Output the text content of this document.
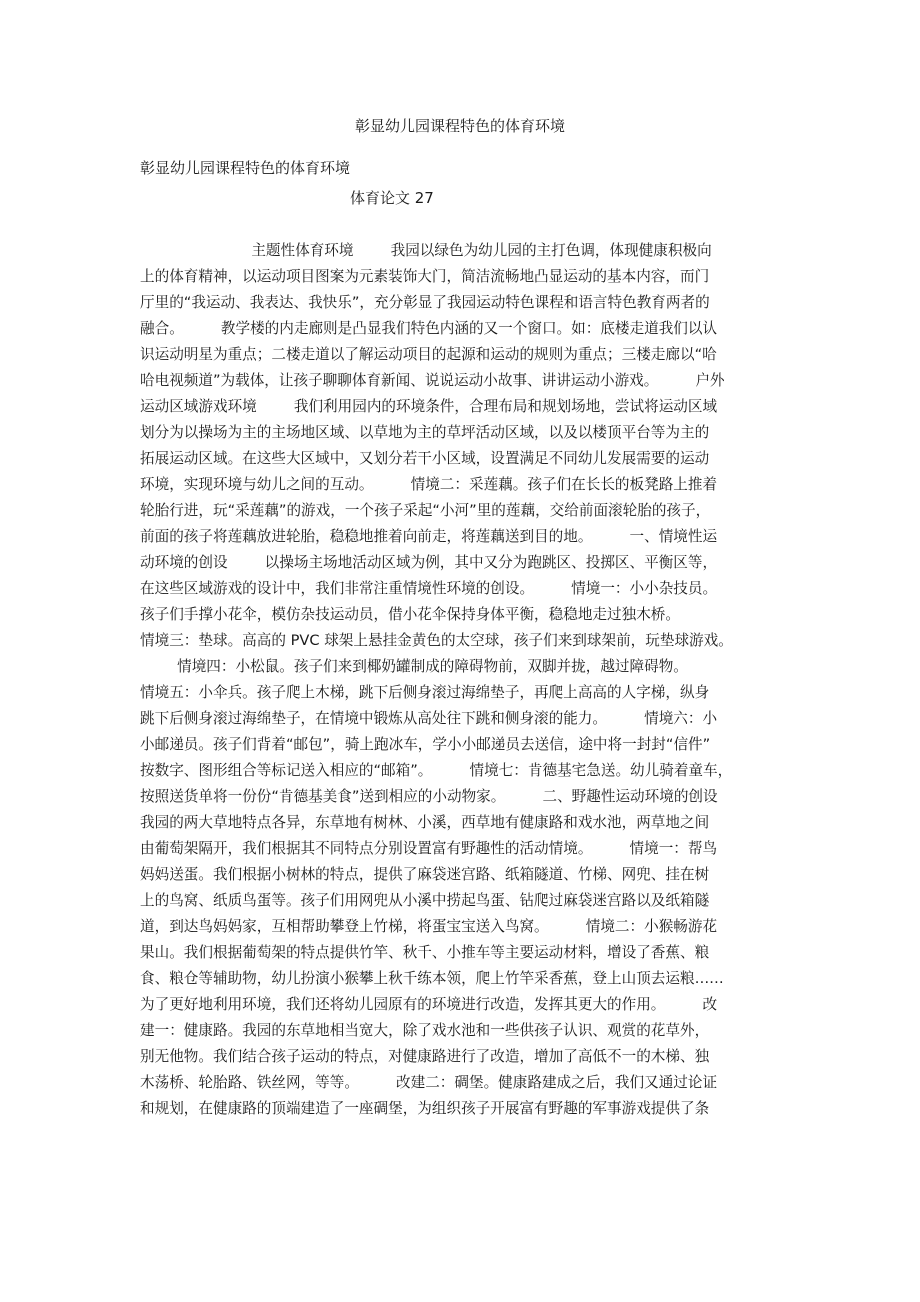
彰显幼儿园课程特色的体育环境

彰显幼儿园课程特色的体育环境

体育论文 27

主题性体育环境        我园以绿色为幼儿园的主打色调，体现健康积极向

上的体育精神，以运动项目图案为元素装饰大门，简洁流畅地凸显运动的基本内容，而门

厅里的“我运动、我表达、我快乐”，充分彰显了我园运动特色课程和语言特色教育两者的

融合。        教学楼的内走廊则是凸显我们特色内涵的又一个窗口。如：底楼走道我们以认

识运动明星为重点；二楼走道以了解运动项目的起源和运动的规则为重点；三楼走廊以“哈

哈电视频道”为载体，让孩子聊聊体育新闻、说说运动小故事、讲讲运动小游戏。        户外

运动区域游戏环境        我们利用园内的环境条件，合理布局和规划场地，尝试将运动区域

划分为以操场为主的主场地区域、以草地为主的草坪活动区域，以及以楼顶平台等为主的

拓展运动区域。在这些大区域中，又划分若干小区域，设置满足不同幼儿发展需要的运动

环境，实现环境与幼儿之间的互动。        情境二：采莲藕。孩子们在长长的板凳路上推着

轮胎行进，玩“采莲藕”的游戏，一个孩子采起“小河”里的莲藕，交给前面滚轮胎的孩子，

前面的孩子将莲藕放进轮胎，稳稳地推着向前走，将莲藕送到目的地。        一、情境性运

动环境的创设        以操场主场地活动区域为例，其中又分为跑跳区、投掷区、平衡区等，

在这些区域游戏的设计中，我们非常注重情境性环境的创设。        情境一：小小杂技员。

孩子们手撑小花伞，模仿杂技运动员，借小花伞保持身体平衡，稳稳地走过独木桥。

情境三：垫球。高高的 PVC 球架上悬挂金黄色的太空球，孩子们来到球架前，玩垫球游戏。

情境四：小松鼠。孩子们来到椰奶罐制成的障碍物前，双脚并拢，越过障碍物。

情境五：小伞兵。孩子爬上木梯，跳下后侧身滚过海绵垫子，再爬上高高的人字梯，纵身

跳下后侧身滚过海绵垫子，在情境中锻炼从高处往下跳和侧身滚的能力。        情境六：小

小邮递员。孩子们背着“邮包”，骑上跑冰车，学小小邮递员去送信，途中将一封封“信件”

按数字、图形组合等标记送入相应的“邮箱”。        情境七：肯德基宅急送。幼儿骑着童车，

按照送货单将一份份“肯德基美食”送到相应的小动物家。        二、野趣性运动环境的创设

我园的两大草地特点各异，东草地有树林、小溪，西草地有健康路和戏水池，两草地之间

由葡萄架隔开，我们根据其不同特点分别设置富有野趣性的活动情境。        情境一：帮鸟

妈妈送蛋。我们根据小树林的特点，提供了麻袋迷宫路、纸箱隧道、竹梯、网兜、挂在树

上的鸟窝、纸质鸟蛋等。孩子们用网兜从小溪中捞起鸟蛋、钻爬过麻袋迷宫路以及纸箱隧

道，到达鸟妈妈家，互相帮助攀登上竹梯，将蛋宝宝送入鸟窝。        情境二：小猴畅游花

果山。我们根据葡萄架的特点提供竹竿、秋千、小推车等主要运动材料，增设了香蕉、粮

食、粮仓等辅助物，幼儿扮演小猴攀上秋千练本领，爬上竹竿采香蕉，登上山顶去运粮……

为了更好地利用环境，我们还将幼儿园原有的环境进行改造，发挥其更大的作用。        改

建一：健康路。我园的东草地相当宽大，除了戏水池和一些供孩子认识、观赏的花草外，

别无他物。我们结合孩子运动的特点，对健康路进行了改造，增加了高低不一的木梯、独

木荡桥、轮胎路、铁丝网，等等。        改建二：碉堡。健康路建成之后，我们又通过论证

和规划，在健康路的顶端建造了一座碉堡，为组织孩子开展富有野趣的军事游戏提供了条
